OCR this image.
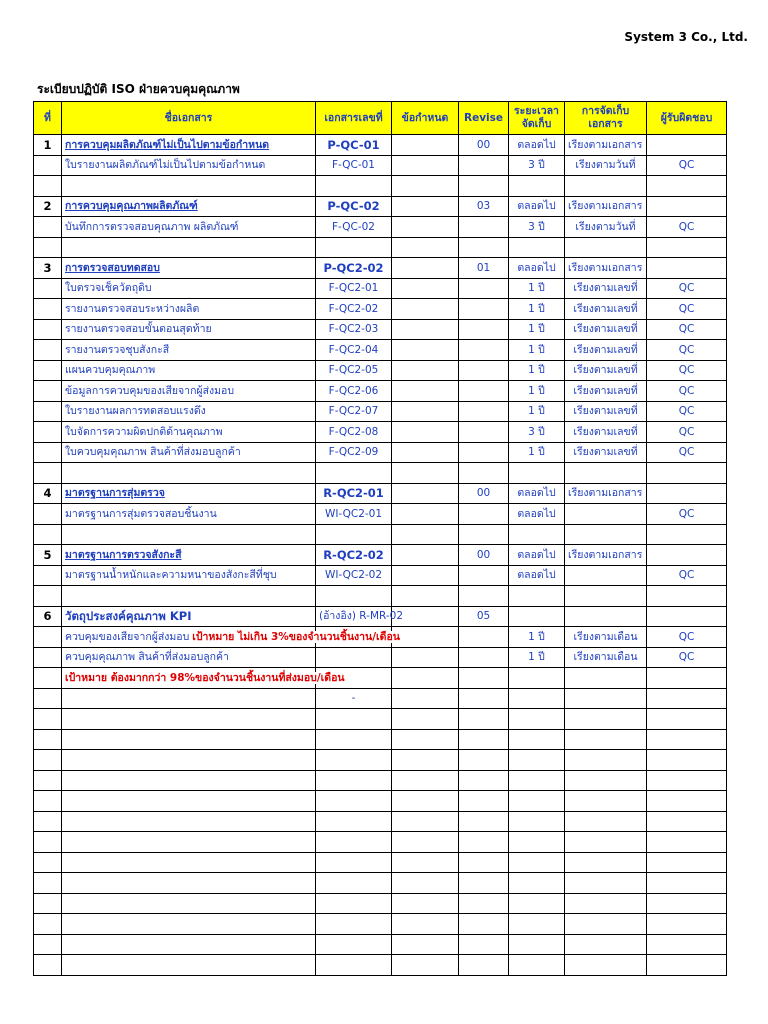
System 3 Co., Ltd.
ระเบียบปฏิบัติ ISO ฝ่ายควบคุมคุณภาพ
ที่	ชื่อเอกสาร	เอกสารเลขที่	ข้อกำหนด	Revise	ระยะเวลาจัดเก็บ	การจัดเก็บเอกสาร	ผู้รับผิดชอบ
1	การควบคุมผลิตภัณฑ์ไม่เป็นไปตามข้อกำหนด	P-QC-01		00	ตลอดไป	เรียงตามเอกสาร	
	ใบรายงานผลิตภัณฑ์ไม่เป็นไปตามข้อกำหนด	F-QC-01			3 ปี	เรียงตามวันที่	QC

2	การควบคุมคุณภาพผลิตภัณฑ์	P-QC-02		03	ตลอดไป	เรียงตามเอกสาร	
	บันทึกการตรวจสอบคุณภาพ ผลิตภัณฑ์	F-QC-02			3 ปี	เรียงตามวันที่	QC

3	การตรวจสอบทดสอบ	P-QC2-02		01	ตลอดไป	เรียงตามเอกสาร	
	ใบตรวจเช็ควัตถุดิบ	F-QC2-01			1 ปี	เรียงตามเลขที่	QC
	รายงานตรวจสอบระหว่างผลิต	F-QC2-02			1 ปี	เรียงตามเลขที่	QC
	รายงานตรวจสอบขั้นตอนสุดท้าย	F-QC2-03			1 ปี	เรียงตามเลขที่	QC
	รายงานตรวจชุบสังกะสี	F-QC2-04			1 ปี	เรียงตามเลขที่	QC
	แผนควบคุมคุณภาพ	F-QC2-05			1 ปี	เรียงตามเลขที่	QC
	ข้อมูลการควบคุมของเสียจากผู้ส่งมอบ	F-QC2-06			1 ปี	เรียงตามเลขที่	QC
	ใบรายงานผลการทดสอบแรงดึง	F-QC2-07			1 ปี	เรียงตามเลขที่	QC
	ใบจัดการความผิดปกติด้านคุณภาพ	F-QC2-08			3 ปี	เรียงตามเลขที่	QC
	ใบควบคุมคุณภาพ สินค้าที่ส่งมอบลูกค้า	F-QC2-09			1 ปี	เรียงตามเลขที่	QC

4	มาตรฐานการสุ่มตรวจ	R-QC2-01		00	ตลอดไป	เรียงตามเอกสาร	
	มาตรฐานการสุ่มตรวจสอบชิ้นงาน	WI-QC2-01			ตลอดไป		QC

5	มาตรฐานการตรวจสังกะสี	R-QC2-02		00	ตลอดไป	เรียงตามเอกสาร	
	มาตรฐานน้ำหนักและความหนาของสังกะสีที่ชุบ	WI-QC2-02			ตลอดไป		QC

6	วัตถุประสงค์คุณภาพ KPI	(อ้างอิง) R-MR-02		05			
	ควบคุมของเสียจากผู้ส่งมอบ เป้าหมาย ไม่เกิน 3%ของจำนวนชิ้นงาน/เดือน				1 ปี	เรียงตามเดือน	QC
	ควบคุมคุณภาพ สินค้าที่ส่งมอบลูกค้า				1 ปี	เรียงตามเดือน	QC
	เป้าหมาย ต้องมากกว่า 98%ของจำนวนชิ้นงานที่ส่งมอบ/เดือน						
		-					
